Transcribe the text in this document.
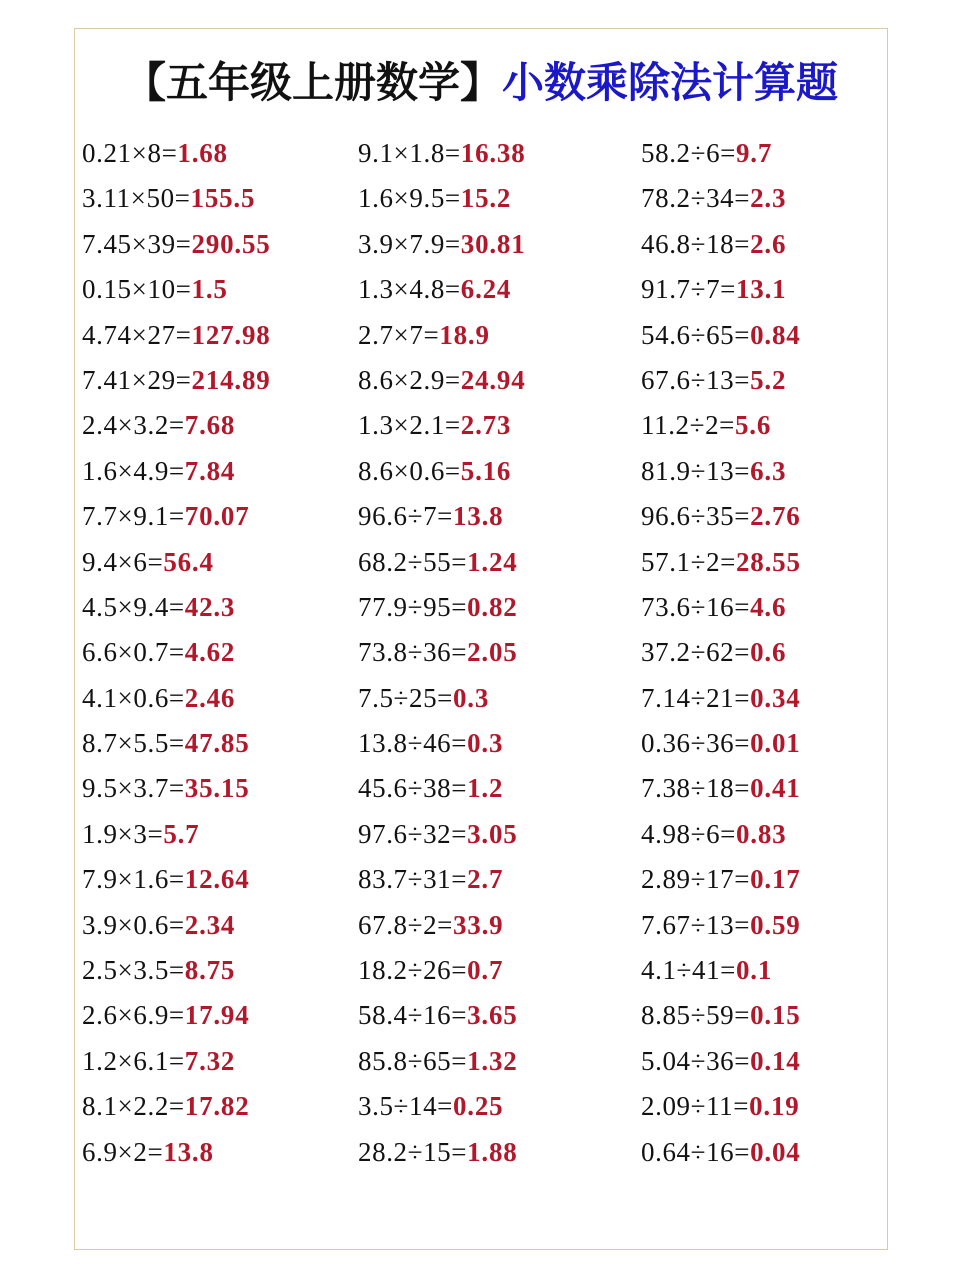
【五年级上册数学】小数乘除法计算题
0.21×8=1.68
3.11×50=155.5
7.45×39=290.55
0.15×10=1.5
4.74×27=127.98
7.41×29=214.89
2.4×3.2=7.68
1.6×4.9=7.84
7.7×9.1=70.07
9.4×6=56.4
4.5×9.4=42.3
6.6×0.7=4.62
4.1×0.6=2.46
8.7×5.5=47.85
9.5×3.7=35.15
1.9×3=5.7
7.9×1.6=12.64
3.9×0.6=2.34
2.5×3.5=8.75
2.6×6.9=17.94
1.2×6.1=7.32
8.1×2.2=17.82
6.9×2=13.8
9.1×1.8=16.38
1.6×9.5=15.2
3.9×7.9=30.81
1.3×4.8=6.24
2.7×7=18.9
8.6×2.9=24.94
1.3×2.1=2.73
8.6×0.6=5.16
96.6÷7=13.8
68.2÷55=1.24
77.9÷95=0.82
73.8÷36=2.05
7.5÷25=0.3
13.8÷46=0.3
45.6÷38=1.2
97.6÷32=3.05
83.7÷31=2.7
67.8÷2=33.9
18.2÷26=0.7
58.4÷16=3.65
85.8÷65=1.32
3.5÷14=0.25
28.2÷15=1.88
58.2÷6=9.7
78.2÷34=2.3
46.8÷18=2.6
91.7÷7=13.1
54.6÷65=0.84
67.6÷13=5.2
11.2÷2=5.6
81.9÷13=6.3
96.6÷35=2.76
57.1÷2=28.55
73.6÷16=4.6
37.2÷62=0.6
7.14÷21=0.34
0.36÷36=0.01
7.38÷18=0.41
4.98÷6=0.83
2.89÷17=0.17
7.67÷13=0.59
4.1÷41=0.1
8.85÷59=0.15
5.04÷36=0.14
2.09÷11=0.19
0.64÷16=0.04
